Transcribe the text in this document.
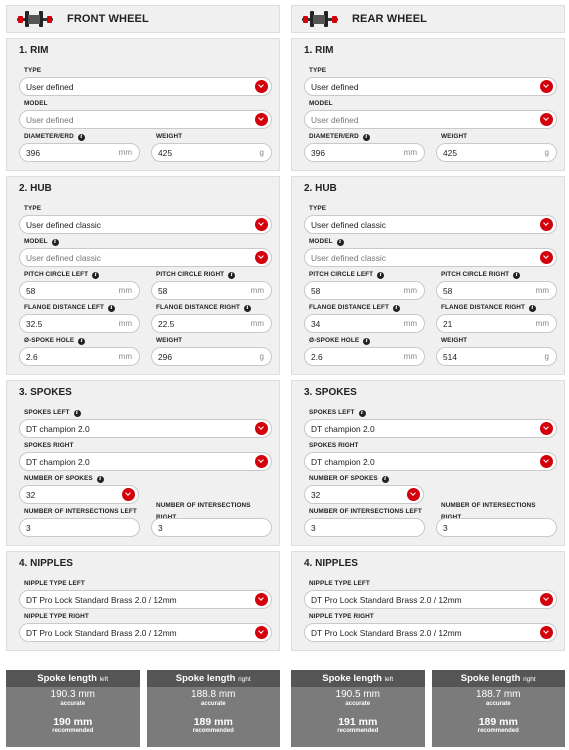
FRONT WHEEL
1. RIM
TYPE
User defined
MODEL
User defined
DIAMETER/ERD	i
396	mm
WEIGHT
425	g
2. HUB
TYPE
User defined classic
MODEL	i
User defined classic
PITCH CIRCLE LEFT	i
58	mm
PITCH CIRCLE RIGHT	i
58	mm
FLANGE DISTANCE LEFT	i
32.5	mm
FLANGE DISTANCE RIGHT	i
22.5	mm
Ø-SPOKE HOLE	i
2.6	mm
WEIGHT
296	g
3. SPOKES
SPOKES LEFT	i
DT champion 2.0
SPOKES RIGHT
DT champion 2.0
NUMBER OF SPOKES	i
32
NUMBER OF INTERSECTIONS LEFT
3
NUMBER OF INTERSECTIONS
3
4. NIPPLES
NIPPLE TYPE LEFT
DT Pro Lock Standard Brass 2.0 / 12mm
NIPPLE TYPE RIGHT
DT Pro Lock Standard Brass 2.0 / 12mm
REAR WHEEL
1. RIM
TYPE
User defined
MODEL
User defined
DIAMETER/ERD	i
396	mm
WEIGHT
425	g
2. HUB
TYPE
User defined classic
MODEL	i
User defined classic
PITCH CIRCLE LEFT	i
58	mm
PITCH CIRCLE RIGHT	i
58	mm
FLANGE DISTANCE LEFT	i
34	mm
FLANGE DISTANCE RIGHT	i
21	mm
Ø-SPOKE HOLE	i
2.6	mm
WEIGHT
514	g
3. SPOKES
SPOKES LEFT	i
DT champion 2.0
SPOKES RIGHT
DT champion 2.0
NUMBER OF SPOKES	i
32
NUMBER OF INTERSECTIONS LEFT
3
NUMBER OF INTERSECTIONS
3
4. NIPPLES
NIPPLE TYPE LEFT
DT Pro Lock Standard Brass 2.0 / 12mm
NIPPLE TYPE RIGHT
DT Pro Lock Standard Brass 2.0 / 12mm
Spoke length left
190.3 mm
accurate
190 mm
recommended
Spoke length right
188.8 mm
accurate
189 mm
recommended
Spoke length left
190.5 mm
accurate
191 mm
recommended
Spoke length right
188.7 mm
accurate
189 mm
recommended
